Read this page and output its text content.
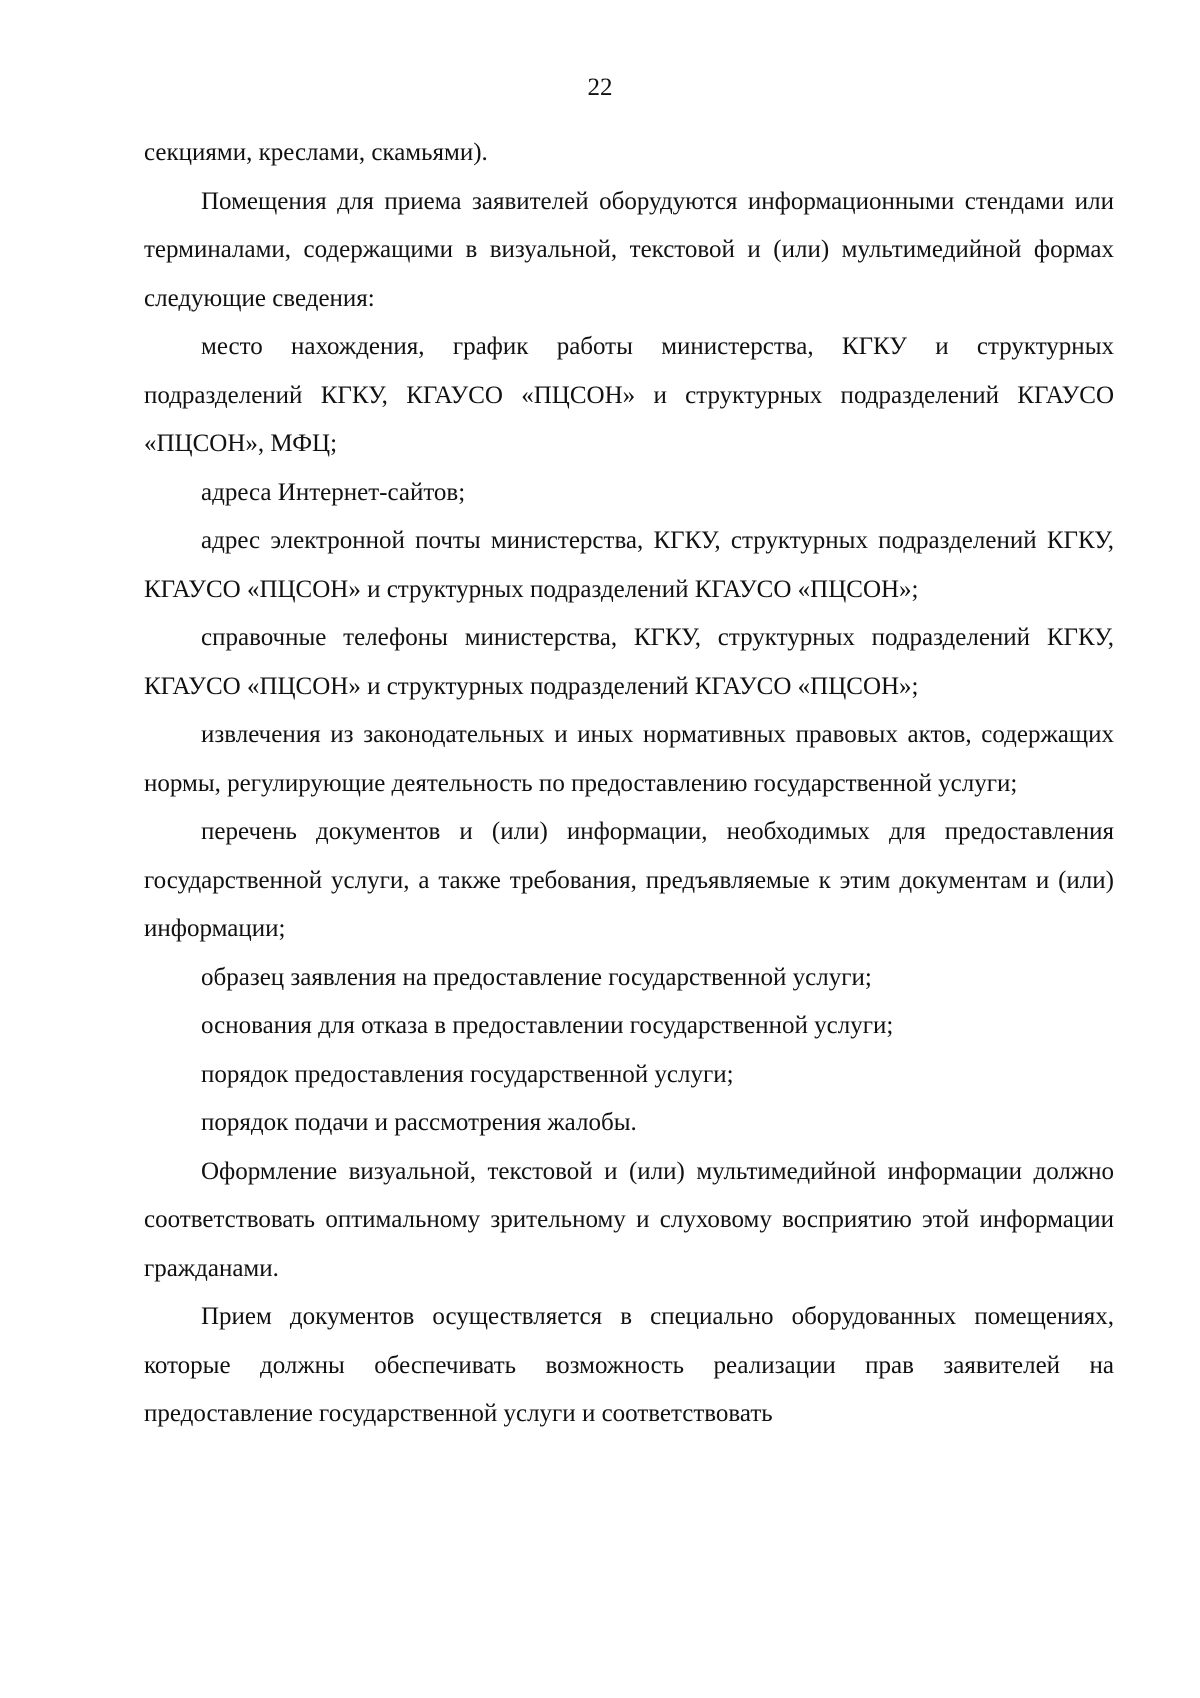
22

секциями, креслами, скамьями).

Помещения для приема заявителей оборудуются информационными стендами или терминалами, содержащими в визуальной, текстовой и (или) мультимедийной формах следующие сведения:

место нахождения, график работы министерства, КГКУ и структурных подразделений КГКУ, КГАУСО «ПЦСОН» и структурных подразделений КГАУСО «ПЦСОН», МФЦ;

адреса Интернет-сайтов;

адрес электронной почты министерства, КГКУ, структурных подразделений КГКУ, КГАУСО «ПЦСОН» и структурных подразделений КГАУСО «ПЦСОН»;

справочные телефоны министерства, КГКУ, структурных подразделений КГКУ, КГАУСО «ПЦСОН» и структурных подразделений КГАУСО «ПЦСОН»;

извлечения из законодательных и иных нормативных правовых актов, содержащих нормы, регулирующие деятельность по предоставлению государственной услуги;

перечень документов и (или) информации, необходимых для предоставления государственной услуги, а также требования, предъявляемые к этим документам и (или) информации;

образец заявления на предоставление государственной услуги;

основания для отказа в предоставлении государственной услуги;

порядок предоставления государственной услуги;

порядок подачи и рассмотрения жалобы.

Оформление визуальной, текстовой и (или) мультимедийной информации должно соответствовать оптимальному зрительному и слуховому восприятию этой информации гражданами.

Прием документов осуществляется в специально оборудованных помещениях, которые должны обеспечивать возможность реализации прав заявителей на предоставление государственной услуги и соответствовать
